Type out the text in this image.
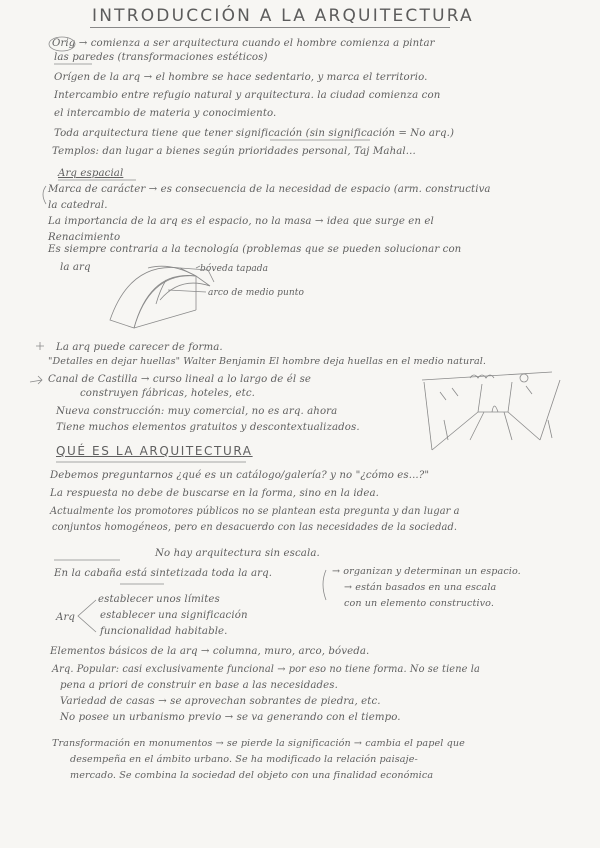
INTRODUCCIÓN A LA ARQUITECTURA
Orig → comienza a ser arquitectura cuando el hombre comienza a pintar
las paredes (transformaciones estéticos)
Orígen de la arq → el hombre se hace sedentario, y marca el territorio.
Intercambio entre refugio natural y arquitectura. la ciudad comienza con
el intercambio de materia y conocimiento.
Toda arquitectura tiene que tener significación (sin significación = No arq.)
Templos: dan lugar a bienes según prioridades personal, Taj Mahal...
Arq espacial
Marca de carácter → es consecuencia de la necesidad de espacio (arm. constructiva
la catedral.
La importancia de la arq es el espacio, no la masa → idea que surge en el
Renacimiento
Es siempre contraria a la tecnología (problemas que se pueden solucionar con
la arq	bóveda tapada
arco de medio punto
La arq puede carecer de forma.
"Detalles en dejar huellas" Walter Benjamin El hombre deja huellas en el medio natural.
Canal de Castilla → curso lineal a lo largo de él se
construyen fábricas, hoteles, etc.
Nueva construcción: muy comercial, no es arq. ahora
Tiene muchos elementos gratuitos y descontextualizados.
QUÉ ES LA ARQUITECTURA
Debemos preguntarnos ¿qué es un catálogo/galería? y no "¿cómo es...?"
La respuesta no debe de buscarse en la forma, sino en la idea.
Actualmente los promotores públicos no se plantean esta pregunta y dan lugar a
conjuntos homogéneos, pero en desacuerdo con las necesidades de la sociedad.
No hay arquitectura sin escala.
En la cabaña está sintetizada toda la arq.	→ organizan y determinan un espacio.
→ están basados en una escala
con un elemento constructivo.
Arq
establecer unos límites
establecer una significación
funcionalidad habitable.
Elementos básicos de la arq → columna, muro, arco, bóveda.
Arq. Popular: casi exclusivamente funcional → por eso no tiene forma. No se tiene la
pena a priori de construir en base a las necesidades.
Variedad de casas → se aprovechan sobrantes de piedra, etc.
No posee un urbanismo previo → se va generando con el tiempo.
Transformación en monumentos → se pierde la significación → cambia el papel que
desempeña en el ámbito urbano. Se ha modificado la relación paisaje-
mercado. Se combina la sociedad del objeto con una finalidad económica
